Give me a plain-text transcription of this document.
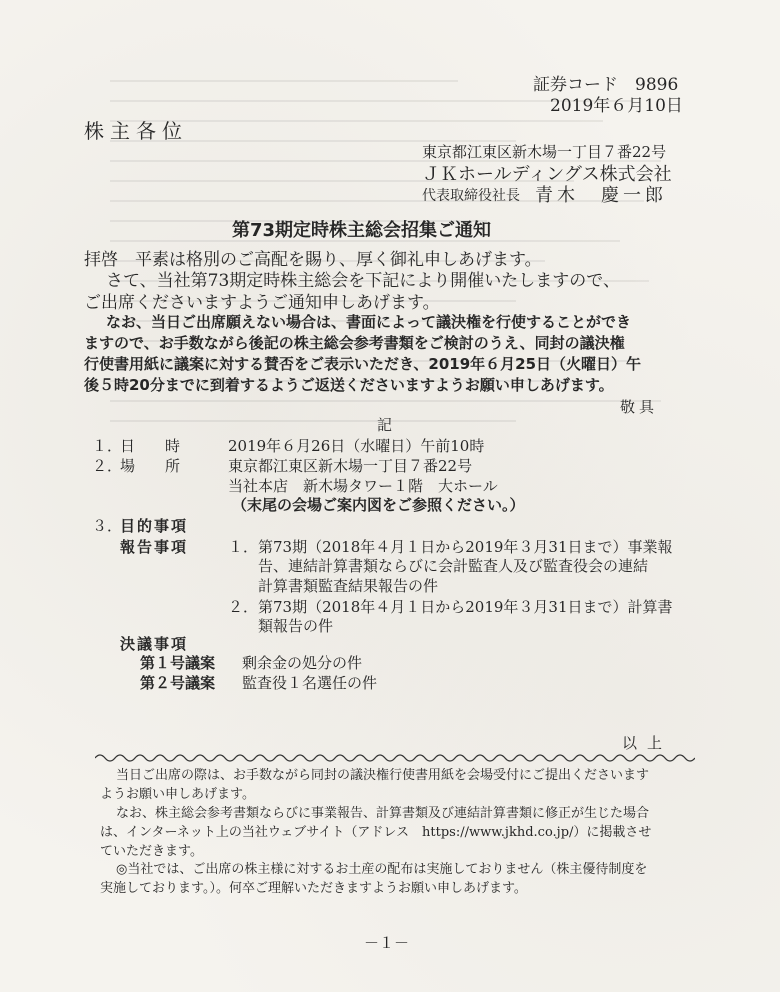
証券コード　9896
2019年６月10日
株主各位
東京都江東区新木場一丁目７番22号
ＪＫホールディングス株式会社
代表取締役社長 青木　慶一郎
第73期定時株主総会招集ご通知
拝啓　平素は格別のご高配を賜り、厚く御礼申しあげます。
さて、当社第73期定時株主総会を下記により開催いたしますので、
ご出席くださいますようご通知申しあげます。
なお、当日ご出席願えない場合は、書面によって議決権を行使することができ
ますので、お手数ながら後記の株主総会参考書類をご検討のうえ、同封の議決権
行使書用紙に議案に対する賛否をご表示いただき、2019年６月25日（火曜日）午
後５時20分までに到着するようご返送くださいますようお願い申しあげます。
敬具
記
１．
日時 2019年６月26日（水曜日）午前10時
２．
場所 東京都江東区新木場一丁目７番22号
当社本店　新木場タワー１階　大ホール
（末尾の会場ご案内図をご参照ください。）
３．
目的事項
報告事項	１． 第73期（2018年４月１日から2019年３月31日まで）事業報
告、連結計算書類ならびに会計監査人及び監査役会の連結
計算書類監査結果報告の件
２． 第73期（2018年４月１日から2019年３月31日まで）計算書
類報告の件
決議事項
第１号議案 剰余金の処分の件
第２号議案 監査役１名選任の件
以上
当日ご出席の際は、お手数ながら同封の議決権行使書用紙を会場受付にご提出くださいます
ようお願い申しあげます。
なお、株主総会参考書類ならびに事業報告、計算書類及び連結計算書類に修正が生じた場合
は、インターネット上の当社ウェブサイト（アドレス　https://www.jkhd.co.jp/）に掲載させ
ていただきます。
◎当社では、ご出席の株主様に対するお土産の配布は実施しておりません（株主優待制度を
実施しております。）。何卒ご理解いただきますようお願い申しあげます。
－１－
